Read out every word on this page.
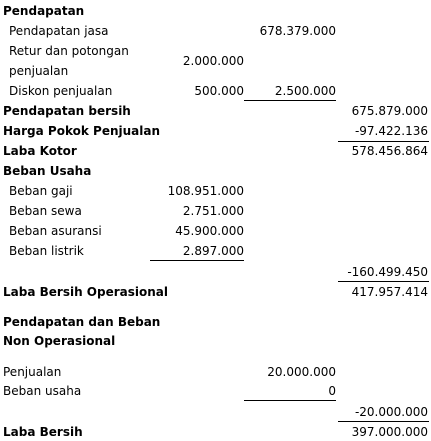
Pendapatan
Pendapatan jasa	678.379.000
Retur dan potongan
2.000.000
penjualan
Diskon penjualan	500.000	2.500.000
Pendapatan bersih	675.879.000
Harga Pokok Penjualan	-97.422.136
Laba Kotor	578.456.864
Beban Usaha
Beban gaji	108.951.000
Beban sewa	2.751.000
Beban asuransi	45.900.000
Beban listrik	2.897.000
-160.499.450
Laba Bersih Operasional	417.957.414
Pendapatan dan Beban
Non Operasional
Penjualan	20.000.000
Beban usaha	0
-20.000.000
Laba Bersih	397.000.000
